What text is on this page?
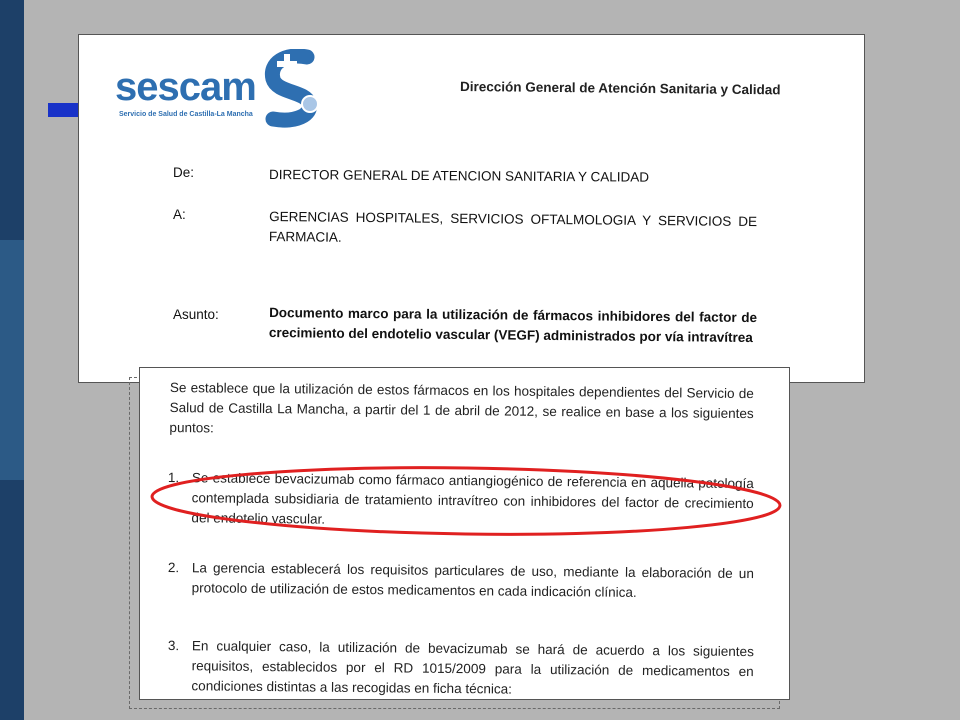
sescam
Servicio de Salud de Castilla-La Mancha
Dirección General de Atención Sanitaria y Calidad
De:	DIRECTOR GENERAL DE ATENCION SANITARIA Y CALIDAD
A:	GERENCIAS HOSPITALES, SERVICIOS OFTALMOLOGIA Y SERVICIOS DE FARMACIA.
Asunto:	Documento marco para la utilización de fármacos inhibidores del factor de crecimiento del endotelio vascular (VEGF) administrados por vía intravítrea
Se establece que la utilización de estos fármacos en los hospitales dependientes del Servicio de Salud de Castilla La Mancha, a partir del 1 de abril de 2012, se realice en base a los siguientes puntos:
1. Se establece bevacizumab como fármaco antiangiogénico de referencia en aquella patología contemplada subsidiaria de tratamiento intravítreo con inhibidores del factor de crecimiento del endotelio vascular.
2. La gerencia establecerá los requisitos particulares de uso, mediante la elaboración de un protocolo de utilización de estos medicamentos en cada indicación clínica.
3. En cualquier caso, la utilización de bevacizumab se hará de acuerdo a los siguientes requisitos, establecidos por el RD 1015/2009 para la utilización de medicamentos en condiciones distintas a las recogidas en ficha técnica:
